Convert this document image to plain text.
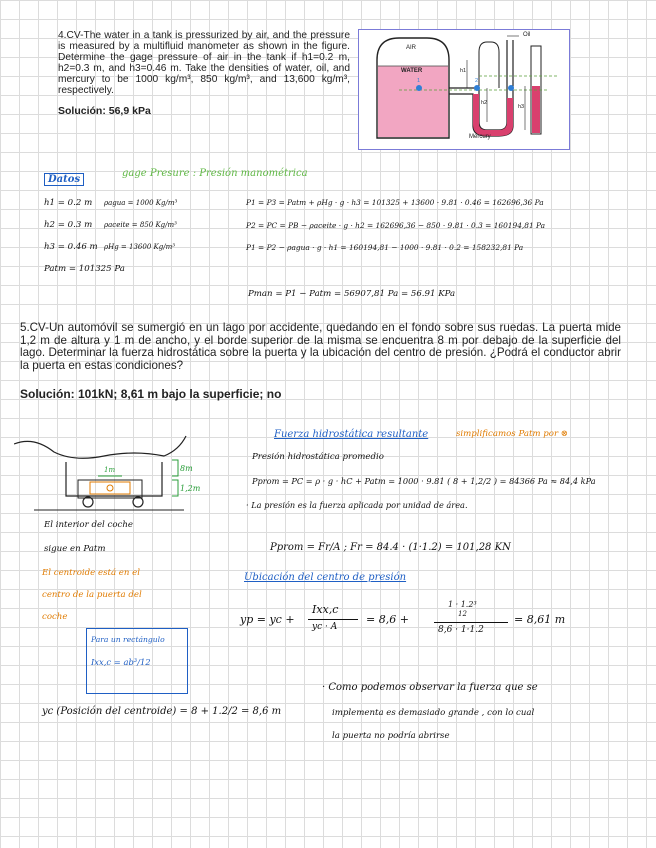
4.CV-The water in a tank is pressurized by air, and the pressure is measured by a multifluid manometer as shown in the figure. Determine the gage pressure of air in the tank if h1=0.2 m, h2=0.3 m, and h3=0.46 m. Take the densities of water, oil, and mercury to be 1000 kg/m³, 850 kg/m³, and 13,600 kg/m³, respectively.
Solución: 56,9 kPa
AIR
WATER
Oil
Mercury
h1
h2
h3
1	2
Datos
gage Presure : Presión manométrica
h1 = 0.2 m
h2 = 0.3 m
h3 = 0.46 m
Patm = 101325 Pa
ρagua = 1000 Kg/m³
ρaceite = 850 Kg/m³
ρHg = 13600 Kg/m³
P1 = P3 = Patm + ρHg · g · h3 = 101325 + 13600 · 9.81 · 0.46 = 162696,36 Pa
P2 = PC = PB − ρaceite · g · h2 = 162696,36 − 850 · 9.81 · 0.3 = 160194,81 Pa
P1 = P2 − ρagua · g · h1 = 160194,81 − 1000 · 9.81 · 0.2 = 158232,81 Pa
Pman = P1 − Patm = 56907,81 Pa = 56.91 KPa
5.CV-Un automóvil se sumergió en un lago por accidente, quedando en el fondo sobre sus ruedas. La puerta mide 1,2 m de altura y 1 m de ancho, y el borde superior de la misma se encuentra 8 m por debajo de la superficie del lago. Determinar la fuerza hidrostática sobre la puerta y la ubicación del centro de presión. ¿Podrá el conductor abrir la puerta en estas condiciones?
Solución: 101kN; 8,61 m bajo la superficie; no
8m
1,2m
1m
El interior del coche
sigue en Patm
El centroide está en el
centro de la puerta del
coche
Para un rectángulo
Ixx,c = ab³/12
yc (Posición del centroide) = 8 + 1.2/2 = 8,6 m
Fuerza hidrostática resultante	simplificamos Patm por ⊗
Presión hidrostática promedio
Pprom = PC = ρ · g · hC + Patm = 1000 · 9.81 ( 8 + 1,2/2 ) = 84366 Pa ≈ 84,4 kPa
· La presión es la fuerza aplicada por unidad de área.
Pprom = Fr/A ; Fr = 84.4 · (1·1.2) = 101,28 KN
Ubicación del centro de presión
yp = yc +
Ixx,c
yc · A
= 8,6 +
1 · 1.2³
12
8,6 · 1·1.2
= 8,61 m
· Como podemos observar la fuerza que se
implementa es demasiado grande , con lo cual
la puerta no podría abrirse
